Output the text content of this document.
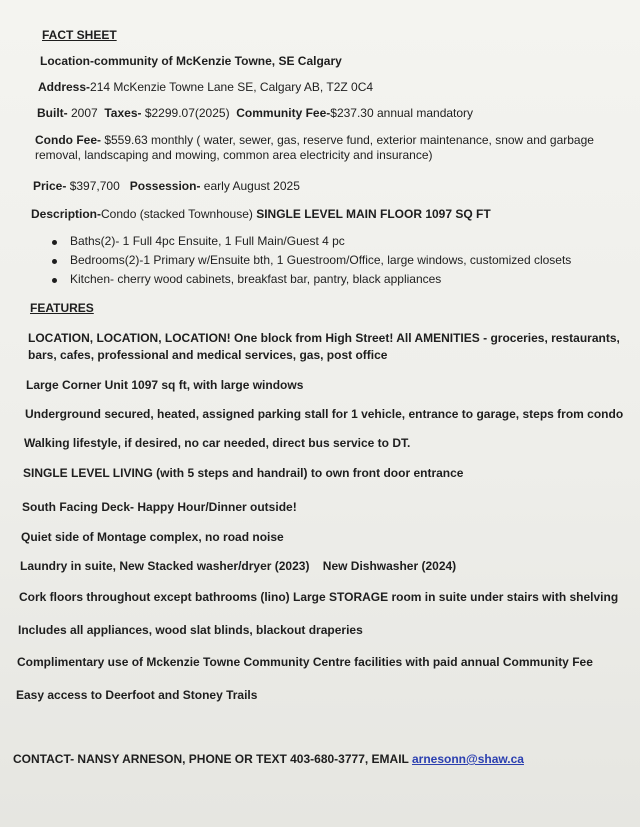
FACT SHEET
Location-community of McKenzie Towne, SE Calgary
Address-214 McKenzie Towne Lane SE, Calgary AB, T2Z 0C4
Built- 2007 Taxes- $2299.07(2025) Community Fee-$237.30 annual mandatory
Condo Fee- $559.63 monthly ( water, sewer, gas, reserve fund, exterior maintenance, snow and garbage removal, landscaping and mowing, common area electricity and insurance)
Price- $397,700 Possession- early August 2025
Description-Condo (stacked Townhouse) SINGLE LEVEL MAIN FLOOR 1097 SQ FT
Baths(2)- 1 Full 4pc Ensuite, 1 Full Main/Guest 4 pc
Bedrooms(2)-1 Primary w/Ensuite bth, 1 Guestroom/Office, large windows, customized closets
Kitchen- cherry wood cabinets, breakfast bar, pantry, black appliances
FEATURES
LOCATION, LOCATION, LOCATION! One block from High Street! All AMENITIES - groceries, restaurants, bars, cafes, professional and medical services, gas, post office
Large Corner Unit 1097 sq ft, with large windows
Underground secured, heated, assigned parking stall for 1 vehicle, entrance to garage, steps from condo
Walking lifestyle, if desired, no car needed, direct bus service to DT.
SINGLE LEVEL LIVING (with 5 steps and handrail) to own front door entrance
South Facing Deck- Happy Hour/Dinner outside!
Quiet side of Montage complex, no road noise
Laundry in suite, New Stacked washer/dryer (2023)    New Dishwasher (2024)
Cork floors throughout except bathrooms (lino) Large STORAGE room in suite under stairs with shelving
Includes all appliances, wood slat blinds, blackout draperies
Complimentary use of Mckenzie Towne Community Centre facilities with paid annual Community Fee
Easy access to Deerfoot and Stoney Trails
CONTACT- NANSY ARNESON, PHONE OR TEXT 403-680-3777, EMAIL arnesonn@shaw.ca
